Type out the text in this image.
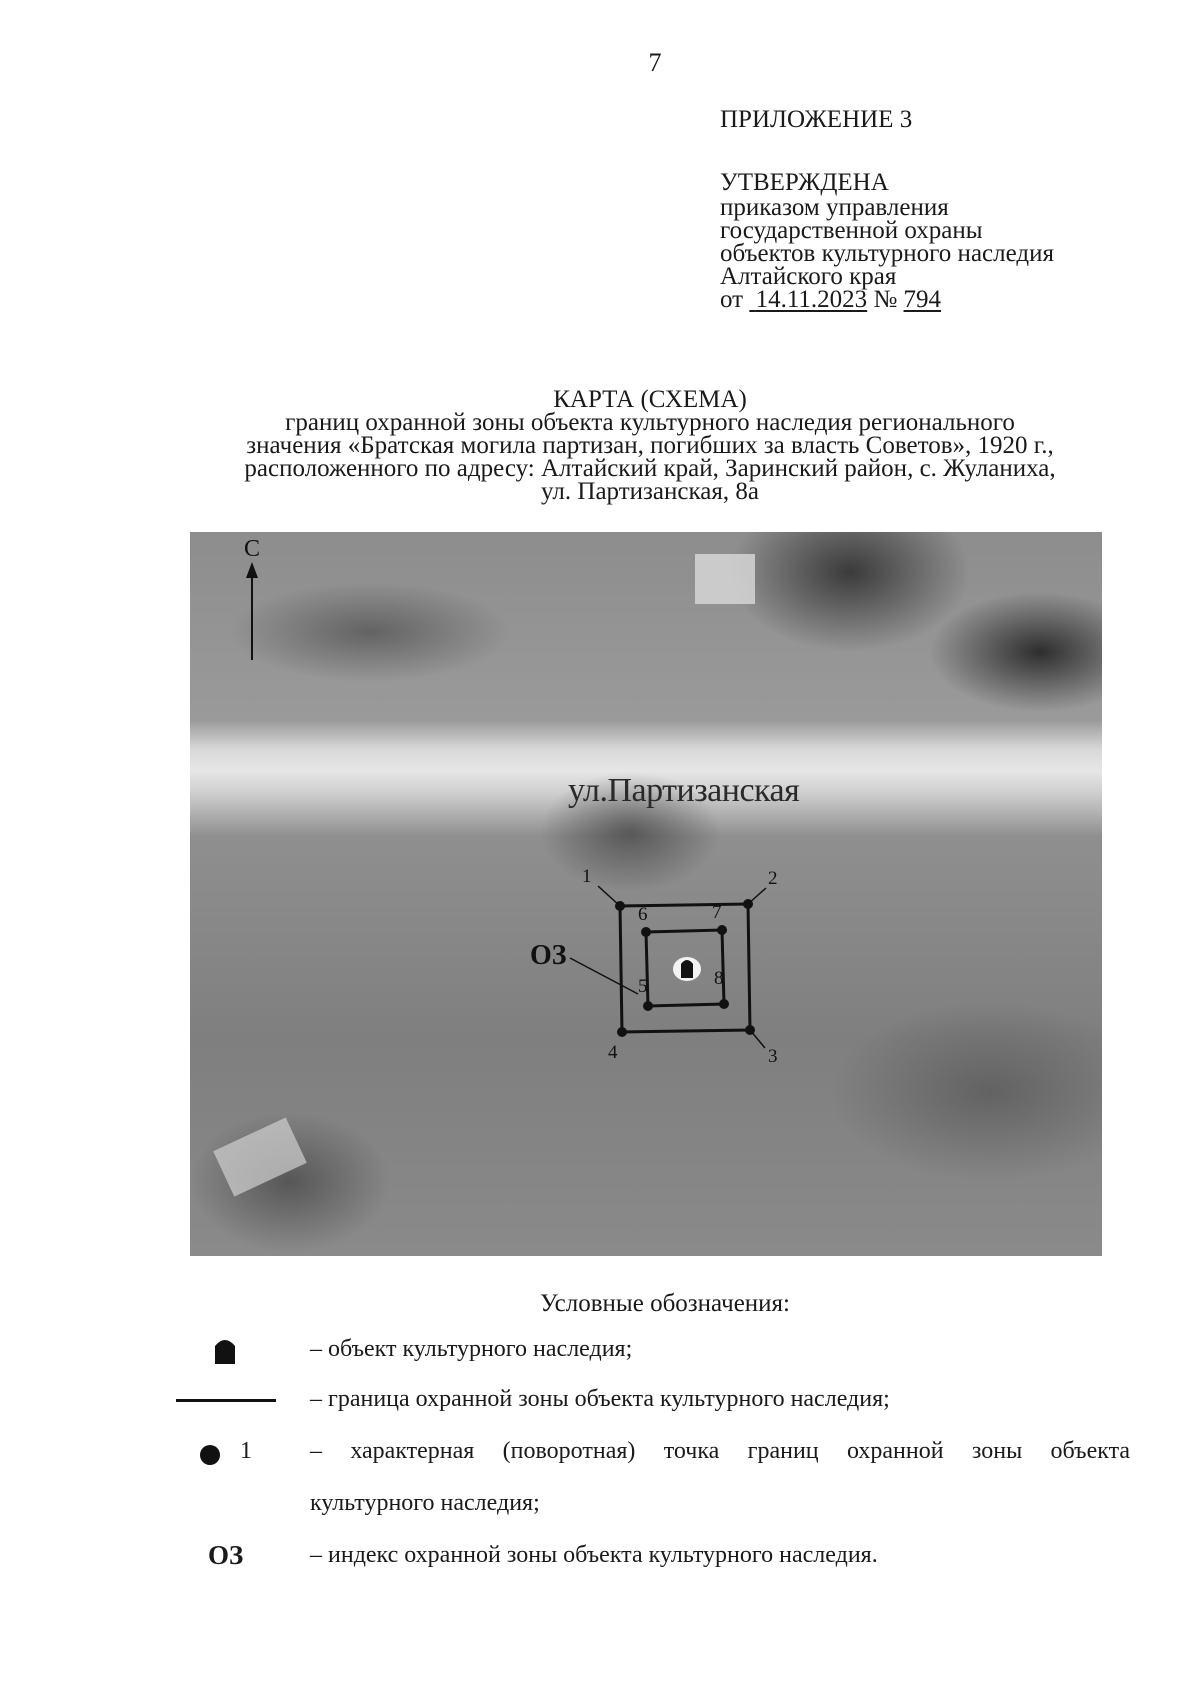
7
ПРИЛОЖЕНИЕ 3
УТВЕРЖДЕНА
приказом управления
государственной охраны
объектов культурного наследия
Алтайского края
от 14.11.2023 № 794
КАРТА (СХЕМА)
границ охранной зоны объекта культурного наследия регионального
значения «Братская могила партизан, погибших за власть Советов», 1920 г.,
расположенного по адресу: Алтайский край, Заринский район, с. Жуланиха,
ул. Партизанская, 8а
С
ул.Партизанская
1	2
3
4
5
6	7
8
ОЗ
Условные обозначения:
– объект культурного наследия;
– граница охранной зоны объекта культурного наследия;
1 – характерная (поворотная) точка границ охранной зоны объекта
культурного наследия;
ОЗ	– индекс охранной зоны объекта культурного наследия.
